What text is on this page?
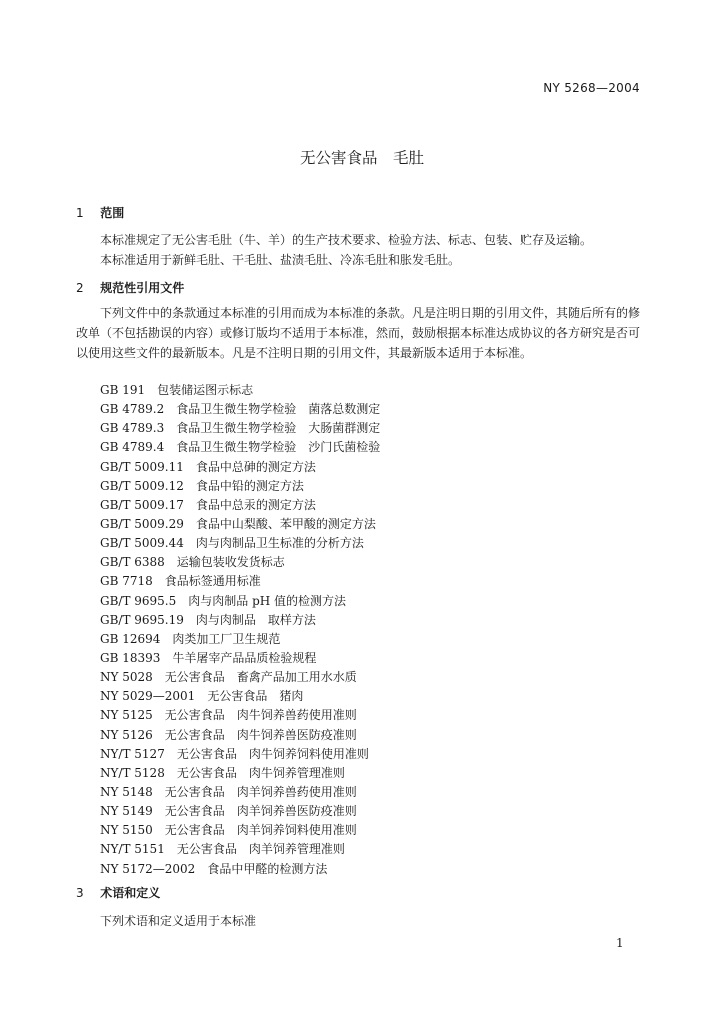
NY 5268—2004
无公害食品　毛肚
1 范围
本标准规定了无公害毛肚（牛、羊）的生产技术要求、检验方法、标志、包装、贮存及运输。
本标准适用于新鲜毛肚、干毛肚、盐渍毛肚、冷冻毛肚和胀发毛肚。
2 规范性引用文件
下列文件中的条款通过本标准的引用而成为本标准的条款。凡是注明日期的引用文件，其随后所有的修改单（不包括勘误的内容）或修订版均不适用于本标准，然而，鼓励根据本标准达成协议的各方研究是否可以使用这些文件的最新版本。凡是不注明日期的引用文件，其最新版本适用于本标准。
GB 191　包装储运图示标志
GB 4789.2　食品卫生微生物学检验　菌落总数测定
GB 4789.3　食品卫生微生物学检验　大肠菌群测定
GB 4789.4　食品卫生微生物学检验　沙门氏菌检验
GB/T 5009.11　食品中总砷的测定方法
GB/T 5009.12　食品中铅的测定方法
GB/T 5009.17　食品中总汞的测定方法
GB/T 5009.29　食品中山梨酸、苯甲酸的测定方法
GB/T 5009.44　肉与肉制品卫生标准的分析方法
GB/T 6388　运输包装收发货标志
GB 7718　食品标签通用标准
GB/T 9695.5　肉与肉制品 pH 值的检测方法
GB/T 9695.19　肉与肉制品　取样方法
GB 12694　肉类加工厂卫生规范
GB 18393　牛羊屠宰产品品质检验规程
NY 5028　无公害食品　畜禽产品加工用水水质
NY 5029—2001　无公害食品　猪肉
NY 5125　无公害食品　肉牛饲养兽药使用准则
NY 5126　无公害食品　肉牛饲养兽医防疫准则
NY/T 5127　无公害食品　肉牛饲养饲料使用准则
NY/T 5128　无公害食品　肉牛饲养管理准则
NY 5148　无公害食品　肉羊饲养兽药使用准则
NY 5149　无公害食品　肉羊饲养兽医防疫准则
NY 5150　无公害食品　肉羊饲养饲料使用准则
NY/T 5151　无公害食品　肉羊饲养管理准则
NY 5172—2002　食品中甲醛的检测方法
3 术语和定义
下列术语和定义适用于本标准
1
